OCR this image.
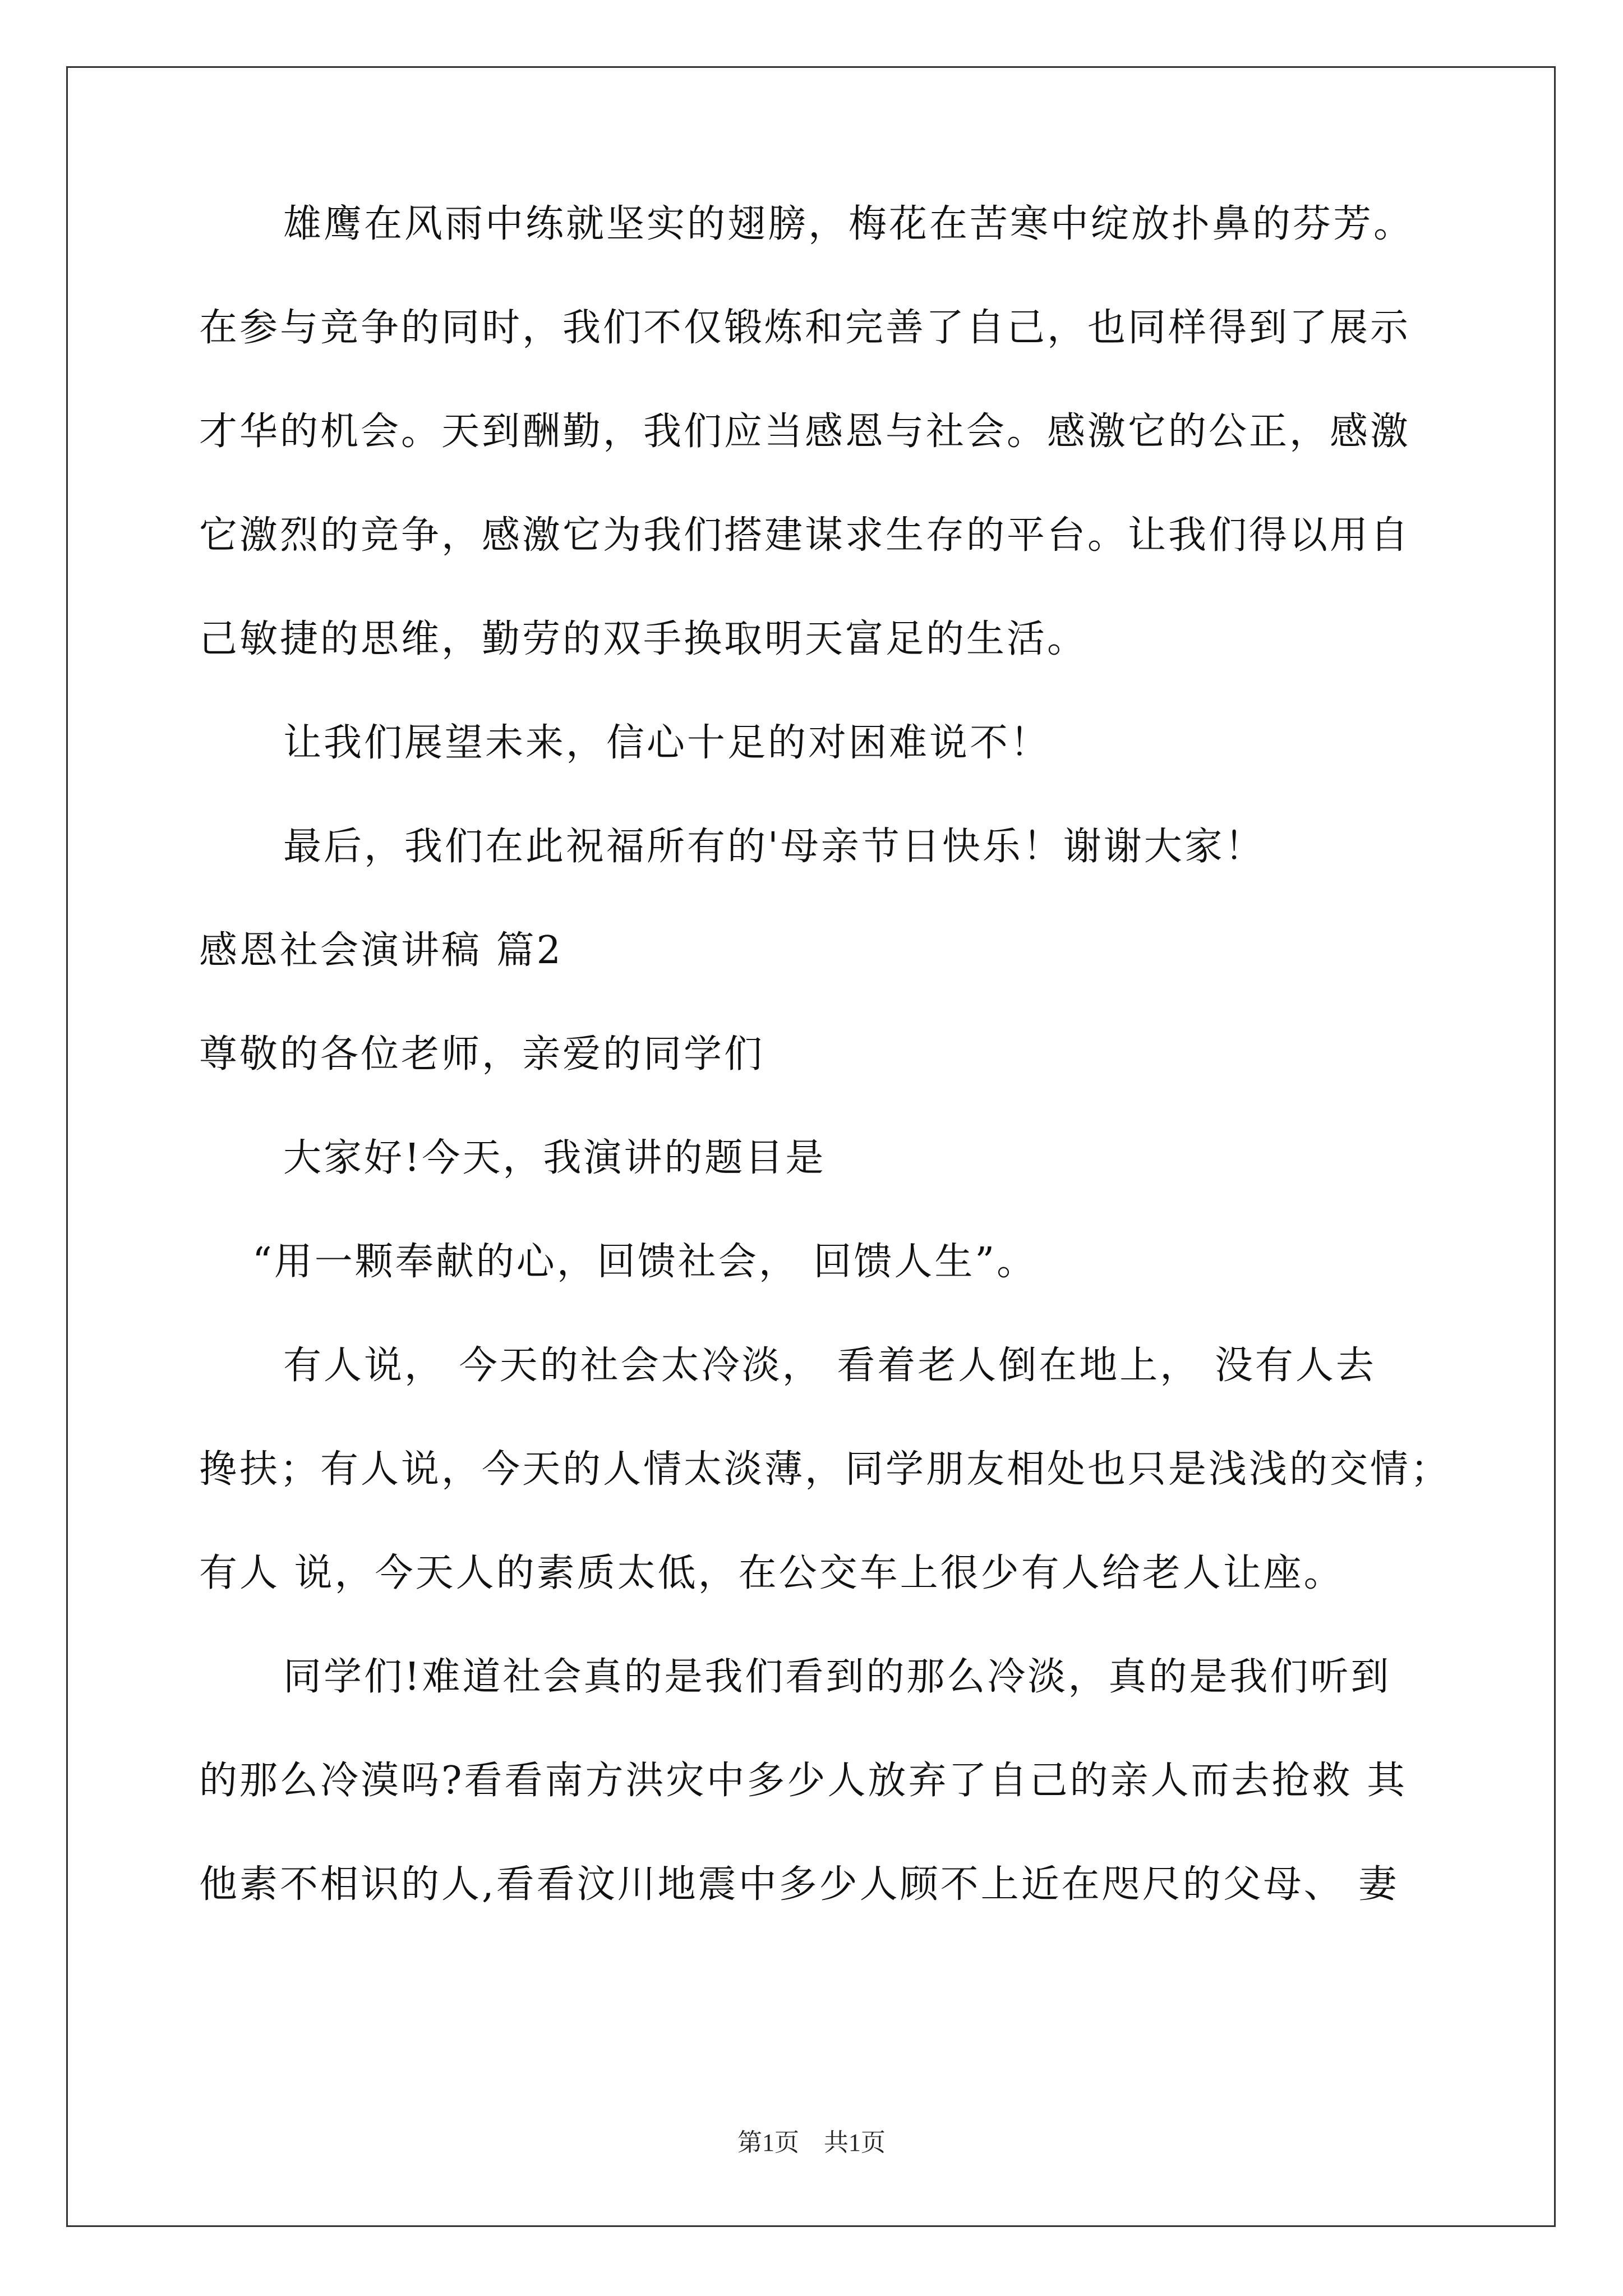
雄鹰在风雨中练就坚实的翅膀，梅花在苦寒中绽放扑鼻的芬芳。
在参与竞争的同时，我们不仅锻炼和完善了自己，也同样得到了展示
才华的机会。天到酬勤，我们应当感恩与社会。感激它的公正，感激
它激烈的竞争，感激它为我们搭建谋求生存的平台。让我们得以用自
己敏捷的思维，勤劳的双手换取明天富足的生活。
让我们展望未来，信心十足的对困难说不！
最后，我们在此祝福所有的'母亲节日快乐！谢谢大家！
感恩社会演讲稿 篇2
尊敬的各位老师，亲爱的同学们
大家好!今天，我演讲的题目是
“用一颗奉献的心，回馈社会， 回馈人生”。
有人说， 今天的社会太冷淡， 看着老人倒在地上， 没有人去
搀扶；有人说，今天的人情太淡薄，同学朋友相处也只是浅浅的交情；
有人 说，今天人的素质太低，在公交车上很少有人给老人让座。
同学们!难道社会真的是我们看到的那么冷淡，真的是我们听到
的那么冷漠吗?看看南方洪灾中多少人放弃了自己的亲人而去抢救 其
他素不相识的人,看看汶川地震中多少人顾不上近在咫尺的父母、 妻
第1页　共1页
